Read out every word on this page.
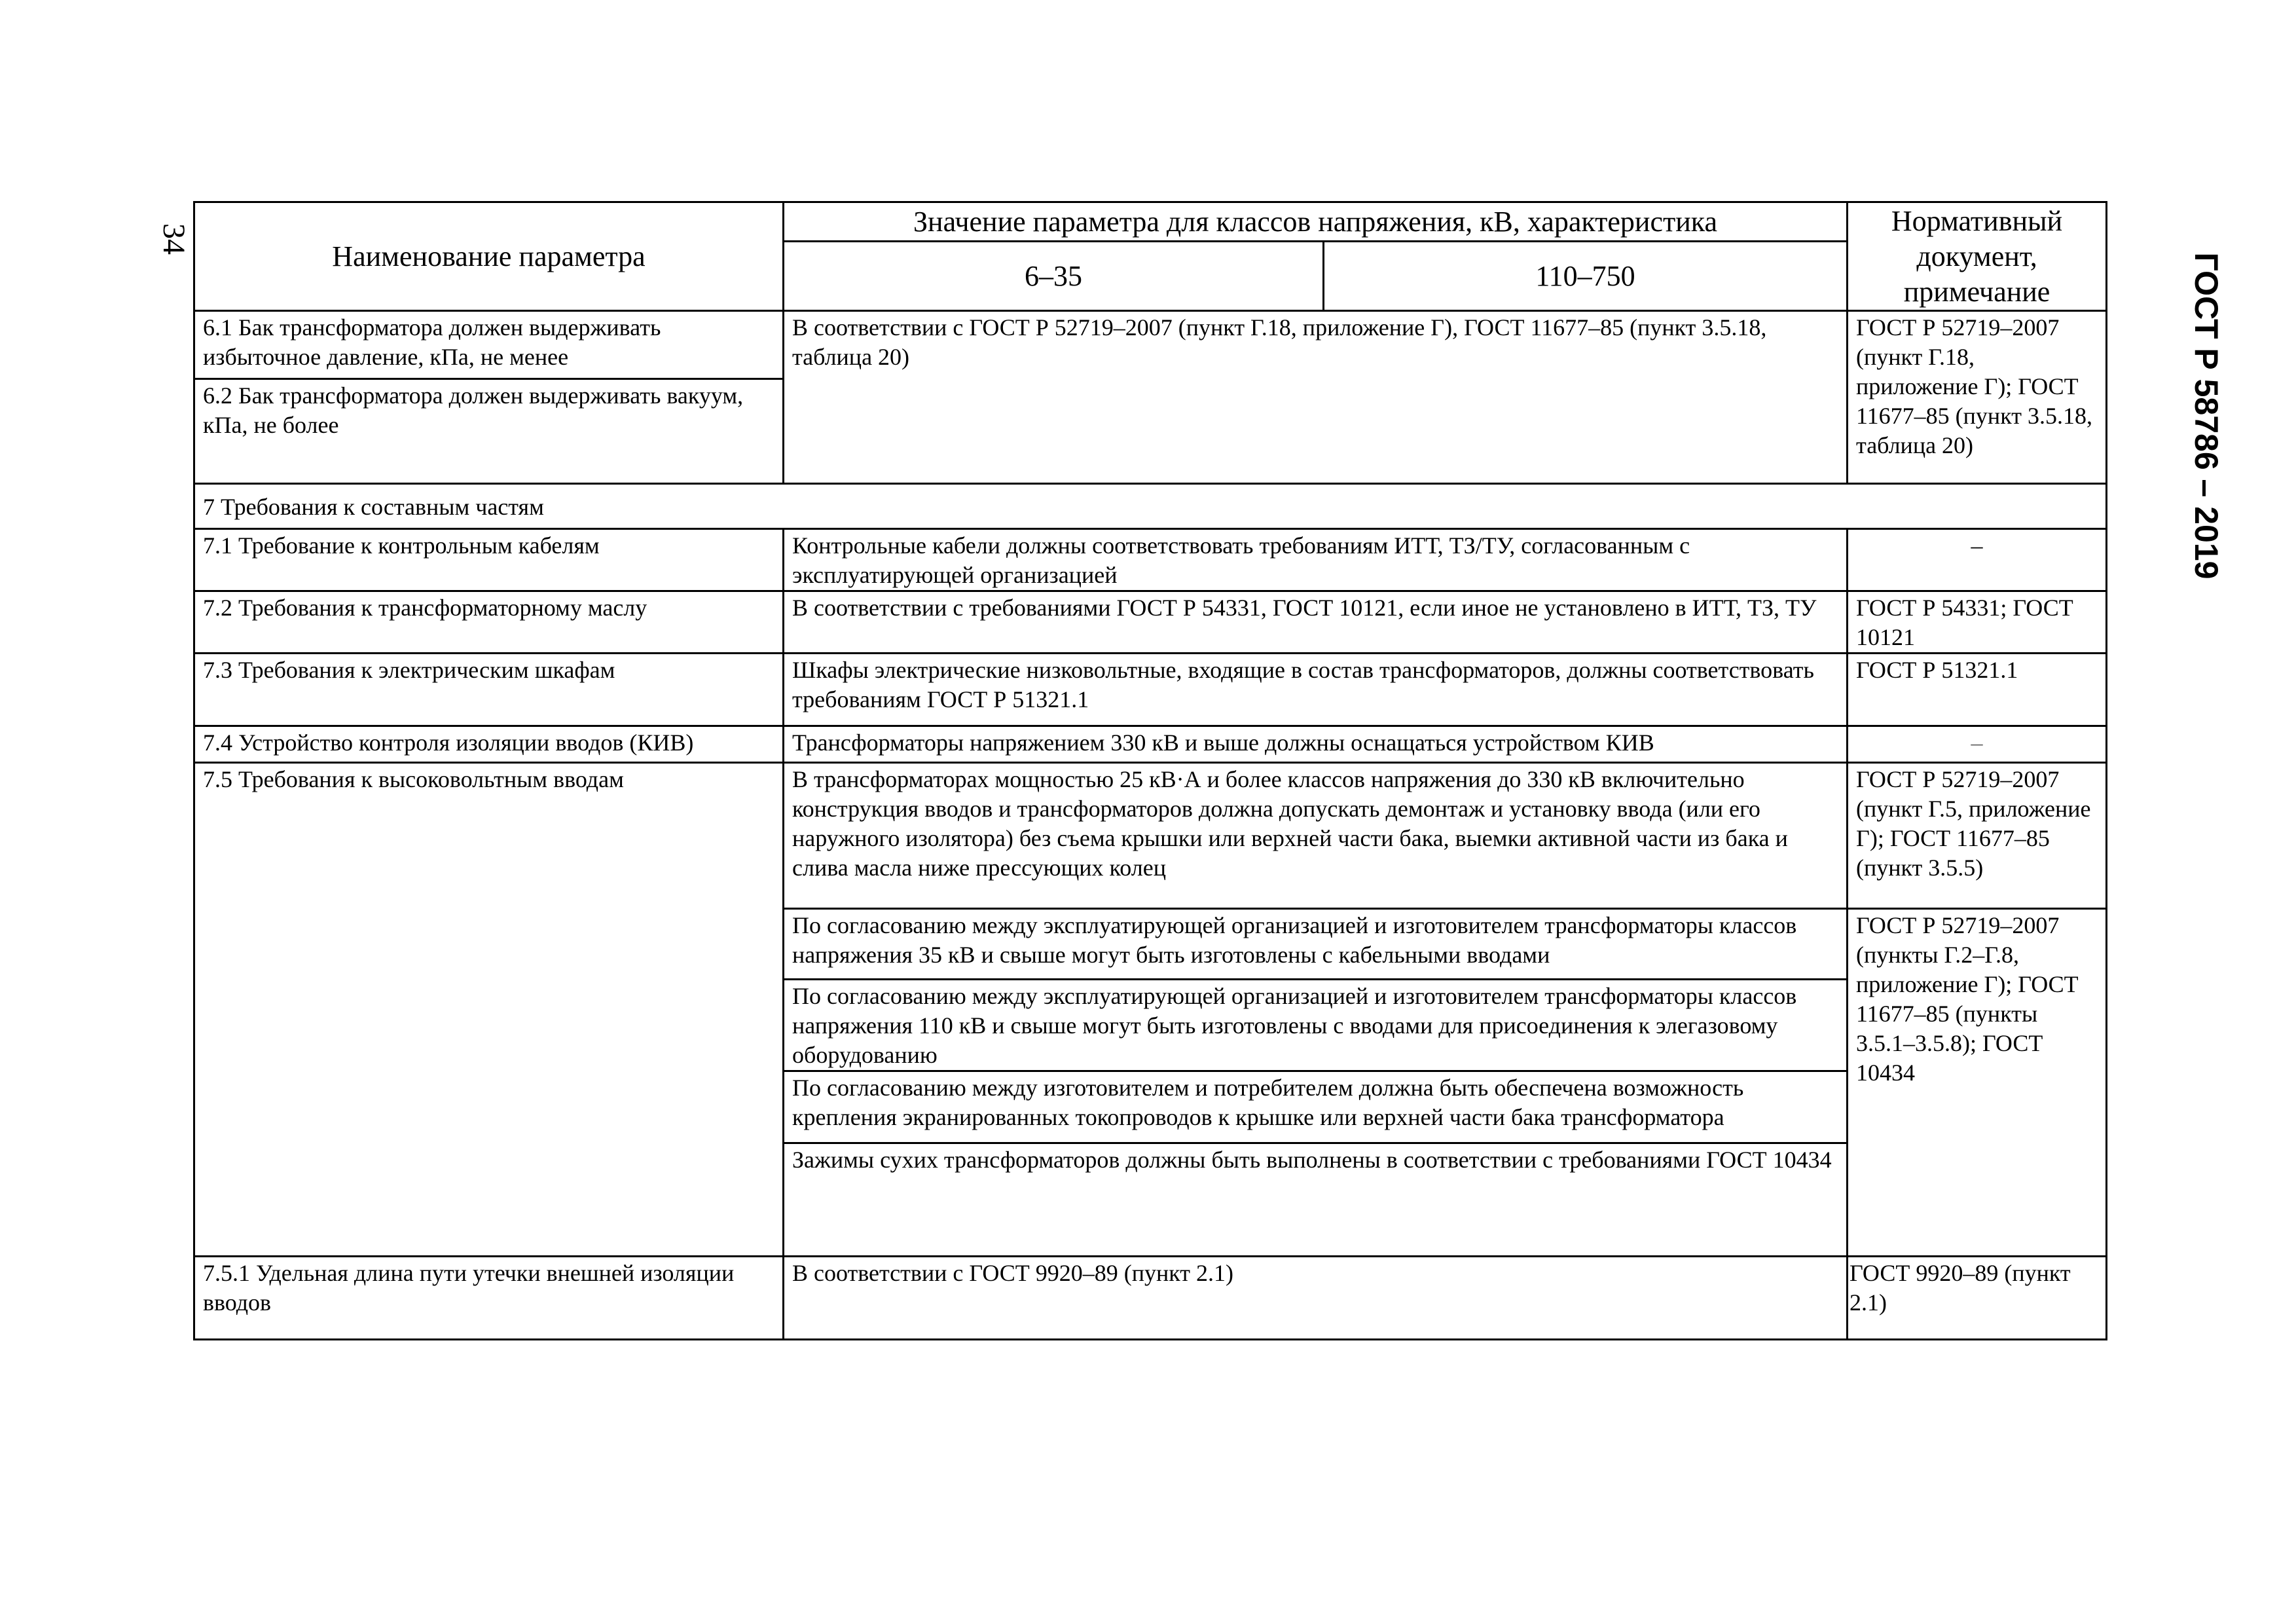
34
ГОСТ Р 58786 – 2019
Наименование параметра	Значение параметра для классов напряжения, кВ, характеристика		Нормативный документ, примечание
	6–35	110–750	
6.1 Бак трансформатора должен выдерживать избыточное давление, кПа, не менее	В соответствии с ГОСТ Р 52719–2007 (пункт Г.18, приложение Г), ГОСТ 11677–85 (пункт 3.5.18, таблица 20)		ГОСТ Р 52719–2007 (пункт Г.18, приложение Г); ГОСТ 11677–85 (пункт 3.5.18, таблица 20)
6.2 Бак трансформатора должен выдерживать вакуум, кПа, не более			
7 Требования к составным частям			
7.1 Требование к контрольным кабелям	Контрольные кабели должны соответствовать требованиям ИТТ, ТЗ/ТУ, согласованным с эксплуатирующей организацией		–
7.2 Требования к трансформаторному маслу	В соответствии с требованиями ГОСТ Р 54331, ГОСТ 10121, если иное не установлено в ИТТ, ТЗ, ТУ		ГОСТ Р 54331; ГОСТ 10121
7.3 Требования к электрическим шкафам	Шкафы электрические низковольтные, входящие в состав трансформаторов, должны соответствовать требованиям ГОСТ Р 51321.1		ГОСТ Р 51321.1
7.4 Устройство контроля изоляции вводов (КИВ)	Трансформаторы напряжением 330 кВ и выше должны оснащаться устройством КИВ		–
7.5 Требования к высоковольтным вводам	В трансформаторах мощностью 25 кВ·А и более классов напряжения до 330 кВ включительно конструкция вводов и трансформаторов должна допускать демонтаж и установку ввода (или его наружного изолятора) без съема крышки или верхней части бака, выемки активной части из бака и слива масла ниже прессующих колец		ГОСТ Р 52719–2007 (пункт Г.5, приложение Г); ГОСТ 11677–85 (пункт 3.5.5)
	По согласованию между эксплуатирующей организацией и изготовителем трансформаторы классов напряжения 35 кВ и свыше могут быть изготовлены с кабельными вводами		ГОСТ Р 52719–2007 (пункты Г.2–Г.8, приложение Г); ГОСТ 11677–85 (пункты 3.5.1–3.5.8); ГОСТ 10434
	По согласованию между эксплуатирующей организацией и изготовителем трансформаторы классов напряжения 110 кВ и свыше могут быть изготовлены с вводами для присоединения к элегазовому оборудованию		
	По согласованию между изготовителем и потребителем должна быть обеспечена возможность крепления экранированных токопроводов к крышке или верхней части бака трансформатора		
	Зажимы сухих трансформаторов должны быть выполнены в соответствии с требованиями ГОСТ 10434		
7.5.1 Удельная длина пути утечки внешней изоляции вводов	В соответствии с ГОСТ 9920–89 (пункт 2.1)		ГОСТ 9920–89 (пункт 2.1)
